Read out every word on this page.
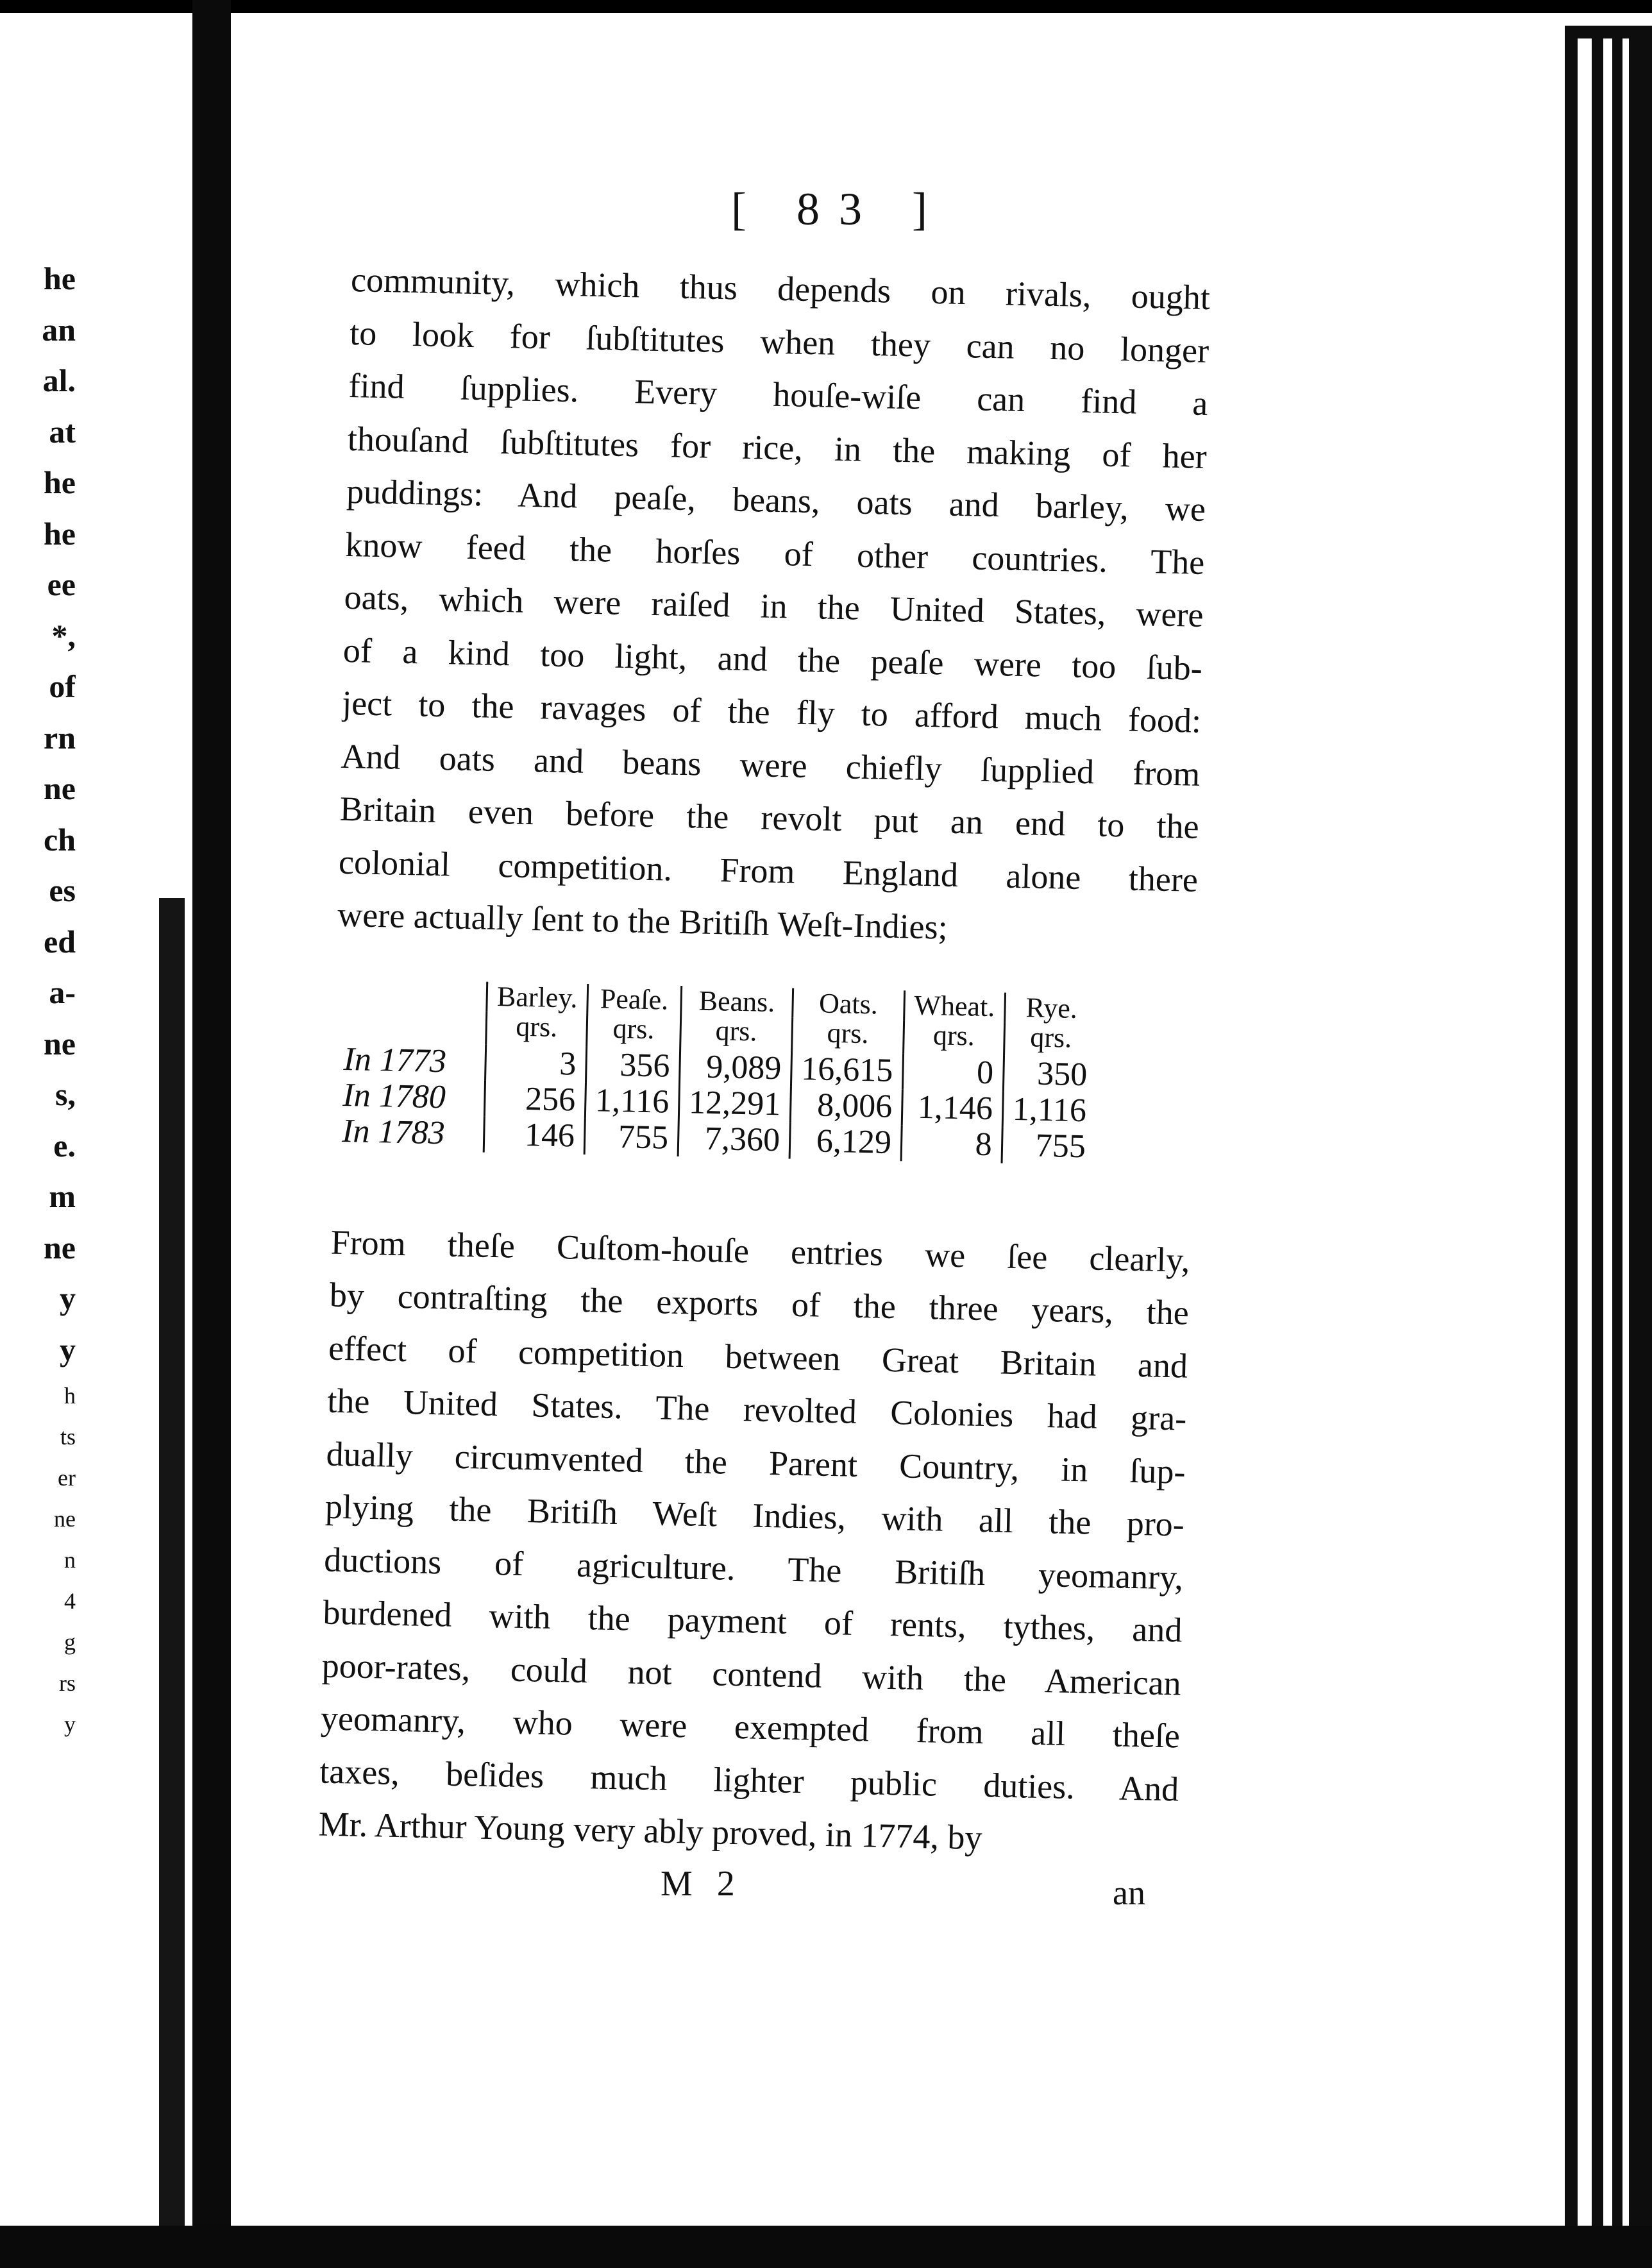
he
an
al.
at
he
he
ee
*,
of
rn
ne
ch
es
ed
a-
ne
s,
e.
m
ne
y
y
h
ts
er
ne
n
4
g
rs
y
[ 83 ]

community, which thus depends on rivals, ought

to look for ſubſtitutes when they can no longer

find ſupplies. Every houſe-wiſe can find a

thouſand ſubſtitutes for rice, in the making of her

puddings: And peaſe, beans, oats and barley, we

know feed the horſes of other countries. The

oats, which were raiſed in the United States, were

of a kind too light, and the peaſe were too ſub-

ject to the ravages of the fly to afford much food:

And oats and beans were chiefly ſupplied from

Britain even before the revolt put an end to the

colonial competition. From England alone there

were actually ſent to the Britiſh Weſt-Indies;

	Barley.	Peaſe.	Beans.	Oats.	Wheat.	Rye.
	qrs.	qrs.	qrs.	qrs.	qrs.	qrs.
In 1773	3	356	9,089	16,615	0	350
In 1780	256	1,116	12,291	8,006	1,146	1,116
In 1783	146	755	7,360	6,129	8	755

From theſe Cuſtom-houſe entries we ſee clearly,

by contraſting the exports of the three years, the

effect of competition between Great Britain and

the United States. The revolted Colonies had gra-

dually circumvented the Parent Country, in ſup-

plying the Britiſh Weſt Indies, with all the pro-

ductions of agriculture. The Britiſh yeomanry,

burdened with the payment of rents, tythes, and

poor-rates, could not contend with the American

yeomanry, who were exempted from all theſe

taxes, beſides much lighter public duties. And

Mr. Arthur Young very ably proved, in 1774, by

M 2	an
